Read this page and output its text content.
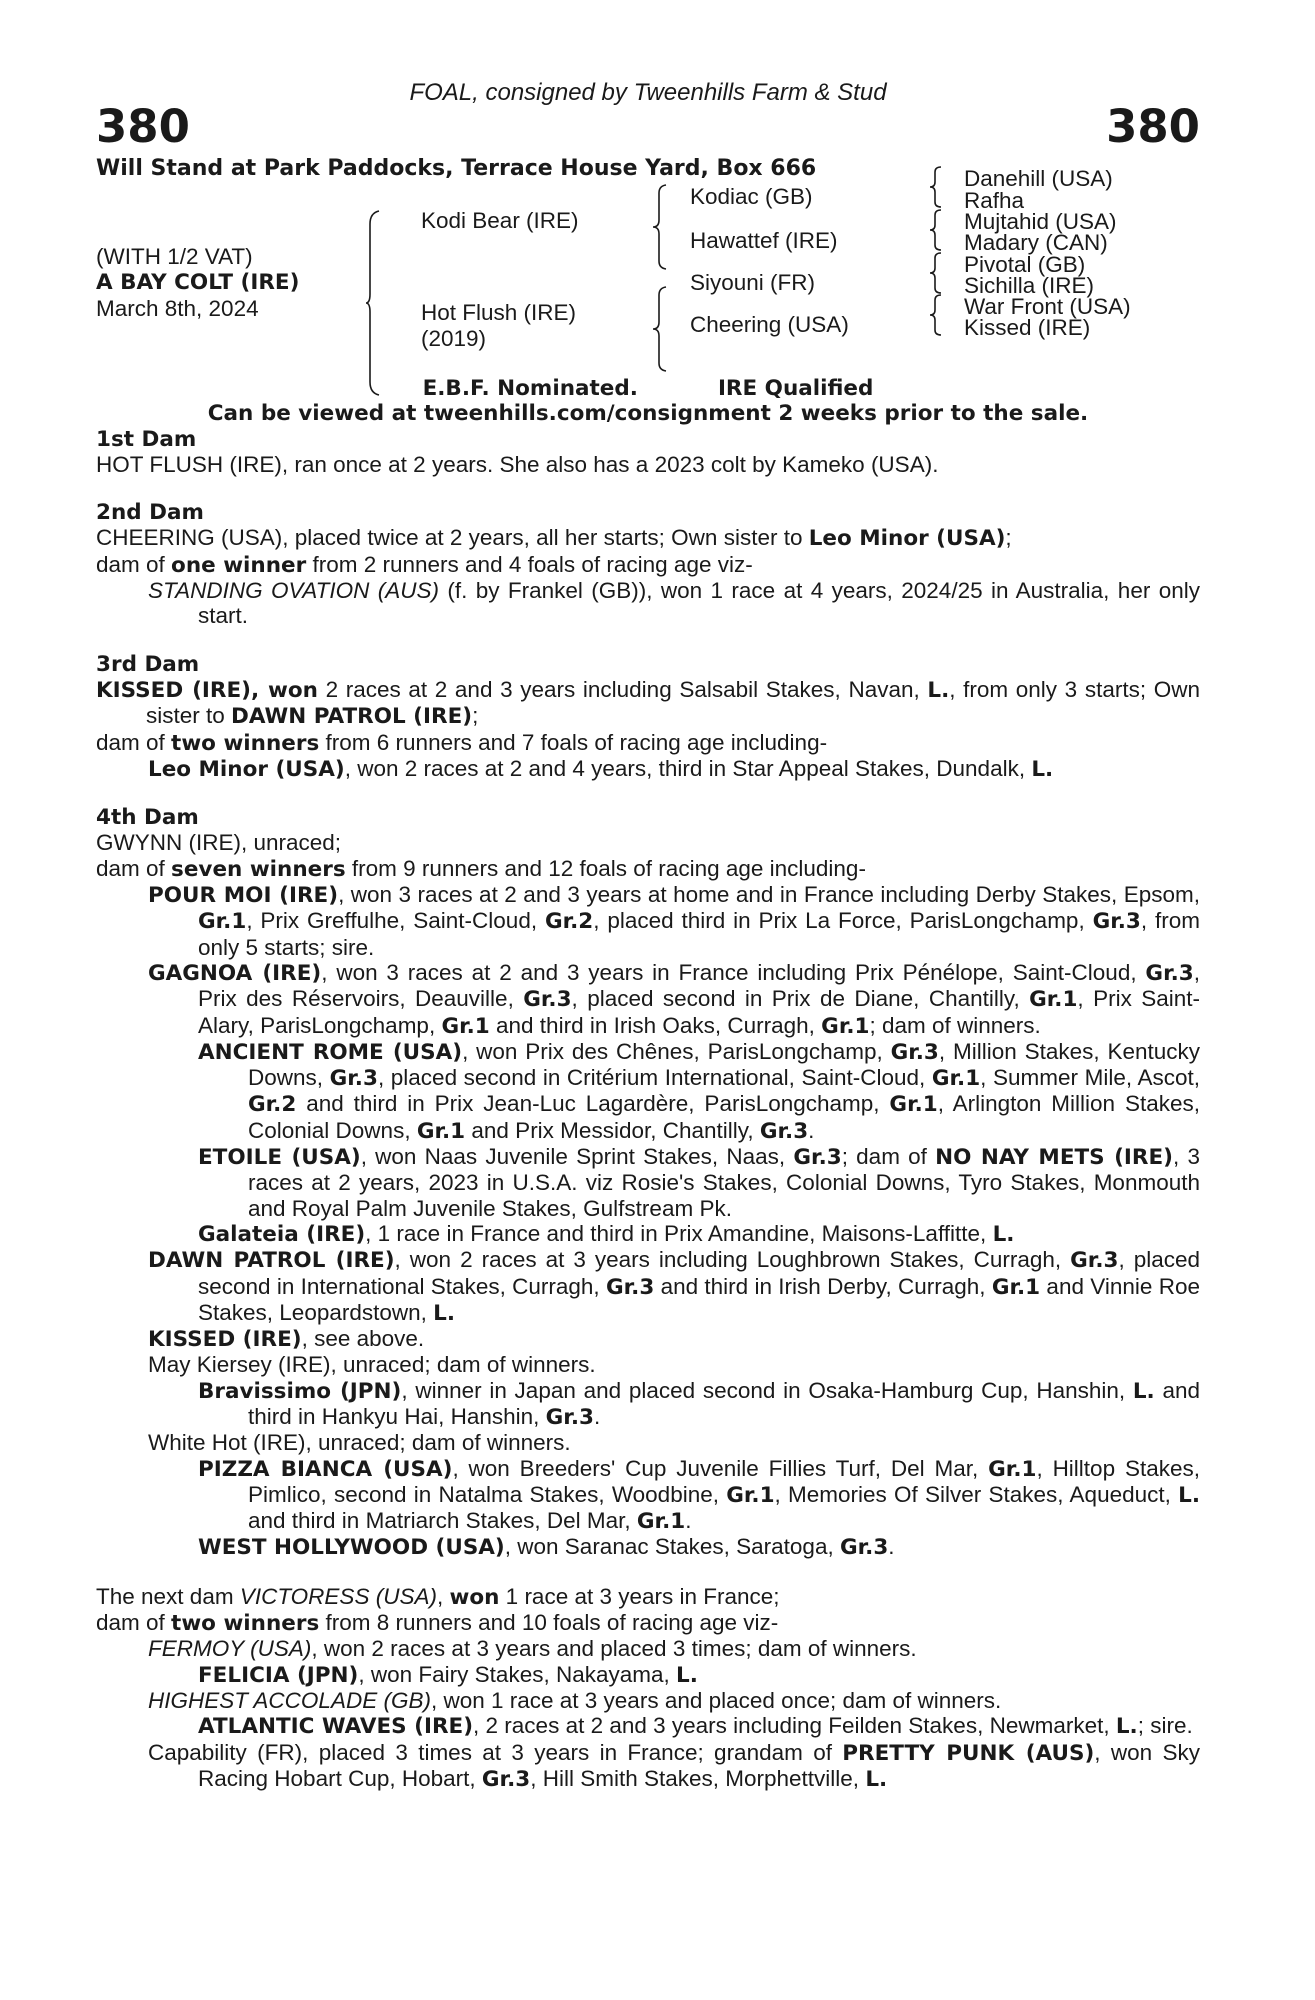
FOAL, consigned by Tweenhills Farm & Stud
380	380
Will Stand at Park Paddocks, Terrace House Yard, Box 666
(WITH 1/2 VAT)
A BAY COLT (IRE)
March 8th, 2024
Kodi Bear (IRE)
Hot Flush (IRE)
(2019)
Kodiac (GB)
Hawattef (IRE)
Siyouni (FR)
Cheering (USA)
Danehill (USA)
Rafha
Mujtahid (USA)
Madary (CAN)
Pivotal (GB)
Sichilla (IRE)
War Front (USA)
Kissed (IRE)
E.B.F. Nominated.	IRE Qualified
Can be viewed at tweenhills.com/consignment 2 weeks prior to the sale.
1st Dam

HOT FLUSH (IRE), ran once at 2 years. She also has a 2023 colt by Kameko (USA).

2nd Dam

CHEERING (USA), placed twice at 2 years, all her starts; Own sister to Leo Minor (USA);

dam of one winner from 2 runners and 4 foals of racing age viz-

STANDING OVATION (AUS) (f. by Frankel (GB)), won 1 race at 4 years, 2024/25 in Australia, her only start.

3rd Dam

KISSED (IRE), won 2 races at 2 and 3 years including Salsabil Stakes, Navan, L., from only 3 starts; Own sister to DAWN PATROL (IRE);

dam of two winners from 6 runners and 7 foals of racing age including-

Leo Minor (USA), won 2 races at 2 and 4 years, third in Star Appeal Stakes, Dundalk, L.

4th Dam

GWYNN (IRE), unraced;

dam of seven winners from 9 runners and 12 foals of racing age including-

POUR MOI (IRE), won 3 races at 2 and 3 years at home and in France including Derby Stakes, Epsom, Gr.1, Prix Greffulhe, Saint-Cloud, Gr.2, placed third in Prix La Force, ParisLongchamp, Gr.3, from only 5 starts; sire.

GAGNOA (IRE), won 3 races at 2 and 3 years in France including Prix Pénélope, Saint-Cloud, Gr.3, Prix des Réservoirs, Deauville, Gr.3, placed second in Prix de Diane, Chantilly, Gr.1, Prix Saint-Alary, ParisLongchamp, Gr.1 and third in Irish Oaks, Curragh, Gr.1; dam of winners.

ANCIENT ROME (USA), won Prix des Chênes, ParisLongchamp, Gr.3, Million Stakes, Kentucky Downs, Gr.3, placed second in Critérium International, Saint-Cloud, Gr.1, Summer Mile, Ascot, Gr.2 and third in Prix Jean-Luc Lagardère, ParisLongchamp, Gr.1, Arlington Million Stakes, Colonial Downs, Gr.1 and Prix Messidor, Chantilly, Gr.3.

ETOILE (USA), won Naas Juvenile Sprint Stakes, Naas, Gr.3; dam of NO NAY METS (IRE), 3 races at 2 years, 2023 in U.S.A. viz Rosie's Stakes, Colonial Downs, Tyro Stakes, Monmouth and Royal Palm Juvenile Stakes, Gulfstream Pk.

Galateia (IRE), 1 race in France and third in Prix Amandine, Maisons-Laffitte, L.

DAWN PATROL (IRE), won 2 races at 3 years including Loughbrown Stakes, Curragh, Gr.3, placed second in International Stakes, Curragh, Gr.3 and third in Irish Derby, Curragh, Gr.1 and Vinnie Roe Stakes, Leopardstown, L.

KISSED (IRE), see above.

May Kiersey (IRE), unraced; dam of winners.

Bravissimo (JPN), winner in Japan and placed second in Osaka-Hamburg Cup, Hanshin, L. and third in Hankyu Hai, Hanshin, Gr.3.

White Hot (IRE), unraced; dam of winners.

PIZZA BIANCA (USA), won Breeders' Cup Juvenile Fillies Turf, Del Mar, Gr.1, Hilltop Stakes, Pimlico, second in Natalma Stakes, Woodbine, Gr.1, Memories Of Silver Stakes, Aqueduct, L. and third in Matriarch Stakes, Del Mar, Gr.1.

WEST HOLLYWOOD (USA), won Saranac Stakes, Saratoga, Gr.3.

The next dam VICTORESS (USA), won 1 race at 3 years in France;

dam of two winners from 8 runners and 10 foals of racing age viz-

FERMOY (USA), won 2 races at 3 years and placed 3 times; dam of winners.

FELICIA (JPN), won Fairy Stakes, Nakayama, L.

HIGHEST ACCOLADE (GB), won 1 race at 3 years and placed once; dam of winners.

ATLANTIC WAVES (IRE), 2 races at 2 and 3 years including Feilden Stakes, Newmarket, L.; sire.

Capability (FR), placed 3 times at 3 years in France; grandam of PRETTY PUNK (AUS), won Sky Racing Hobart Cup, Hobart, Gr.3, Hill Smith Stakes, Morphettville, L.
